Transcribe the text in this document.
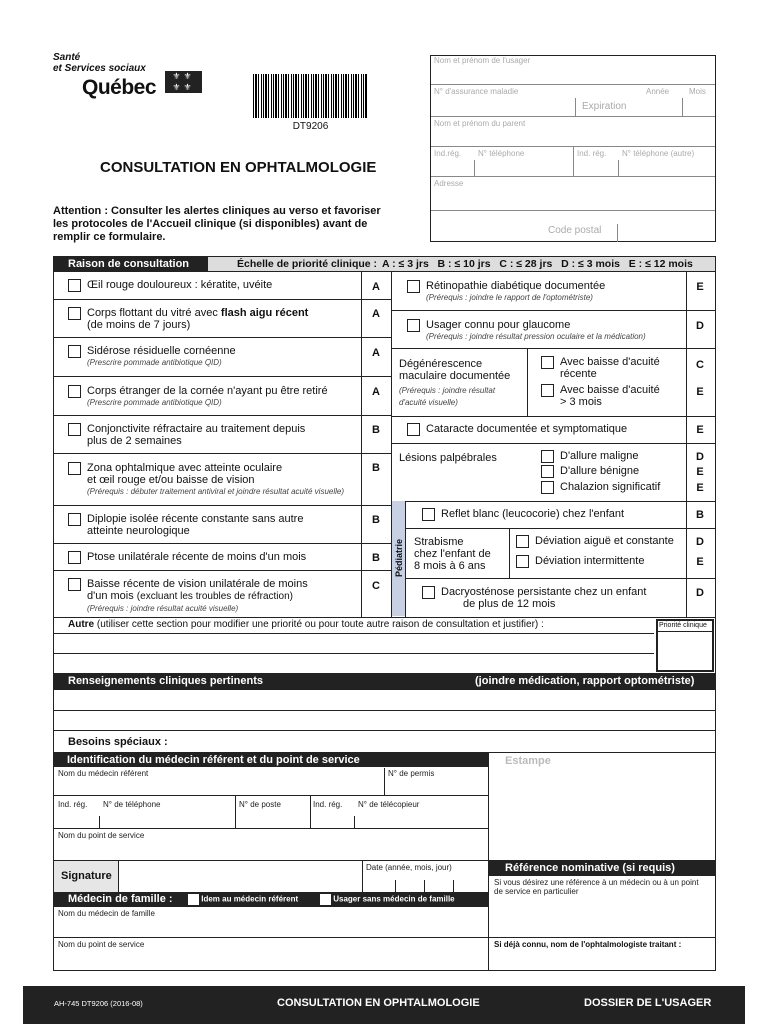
Santé
et Services sociaux
Québec	⚜⚜
⚜⚜
DT9206
CONSULTATION EN OPHTALMOLOGIE
Attention : Consulter les alertes cliniques au verso et favoriser les protocoles de l'Accueil clinique (si disponibles) avant de remplir ce formulaire.
Nom et prénom de l'usager
N° d'assurance maladie	Année Mois
Expiration
Nom et prénom du parent
Ind.rég. N° téléphone	Ind. rég. N° téléphone (autre)
Adresse
Code postal
Raison de consultation	Échelle de priorité clinique : A : ≤ 3 jrs   B : ≤ 10 jrs   C : ≤ 28 jrs   D : ≤ 3 mois   E : ≤ 12 mois
Pédiatrie
Œil rouge douloureux : kératite, uvéite	A
Corps flottant du vitré avec flash aigu récent
(de moins de 7 jours)
A
Sidérose résiduelle cornéenne
(Prescrire pommade antibiotique QID)
A
Corps étranger de la cornée n'ayant pu être retiré
(Prescrire pommade antibiotique QID)
A
Conjonctivite réfractaire au traitement depuis
plus de 2 semaines
B
Zona ophtalmique avec atteinte oculaire
et œil rouge et/ou baisse de vision
(Prérequis : débuter traitement antiviral et joindre résultat acuité visuelle)
B
Diplopie isolée récente constante sans autre
atteinte neurologique
B
Ptose unilatérale récente de moins d'un mois	B
Baisse récente de vision unilatérale de moins
d'un mois (excluant les troubles de réfraction)
(Prérequis : joindre résultat acuité visuelle)
C
Rétinopathie diabétique documentée
(Prérequis : joindre le rapport de l'optométriste)
E
Usager connu pour glaucome
(Prérequis : joindre résultat pression oculaire et la médication)
D
Dégénérescence
maculaire documentée
(Prérequis : joindre résultat d'acuité visuelle)
Avec baisse d'acuité
récente
C
Avec baisse d'acuité
> 3 mois
E
Cataracte documentée et symptomatique	E
Lésions palpébrales	D'allure maligne	D
D'allure bénigne	E
Chalazion significatif	E
Reflet blanc (leucocorie) chez l'enfant	B
Strabisme
chez l'enfant de
8 mois à 6 ans
Déviation aiguë et constante D
Déviation intermittente	E
Dacryosténose persistante chez un enfant
de plus de 12 mois
D
Autre (utiliser cette section pour modifier une priorité ou pour toute autre raison de consultation et justifier) :	Priorité clinique
Renseignements cliniques pertinents	(joindre médication, rapport optométriste)
Besoins spéciaux :
Identification du médecin référent et du point de service	Estampe
Nom du médecin référent	N° de permis
Ind. rég. N° de téléphone	N° de poste	Ind. rég. N° de télécopieur
Nom du point de service
Signature
Date (année, mois, jour)	Référence nominative (si requis)
Si vous désirez une référence à un médecin ou à un point de service en particulier
Médecin de famille :	Idem au médecin référent	Usager sans médecin de famille
Nom du médecin de famille
Nom du point de service	Si déjà connu, nom de l'ophtalmologiste traitant :
AH-745 DT9206 (2016-08)	CONSULTATION EN OPHTALMOLOGIE	DOSSIER DE L'USAGER
